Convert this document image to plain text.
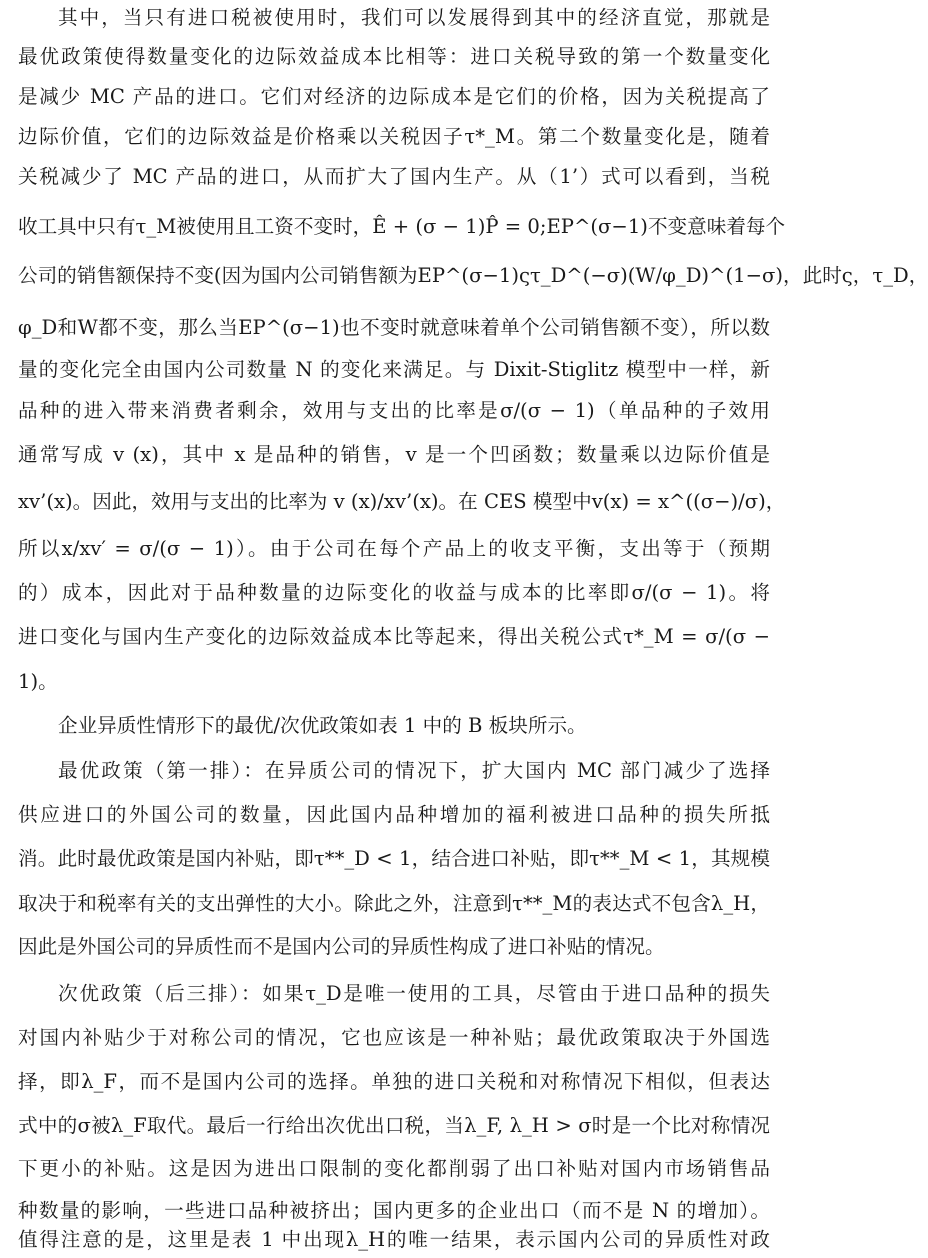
其中，当只有进口税被使用时，我们可以发展得到其中的经济直觉，那就是
最优政策使得数量变化的边际效益成本比相等：进口关税导致的第一个数量变化
是减少 MC 产品的进口。它们对经济的边际成本是它们的价格，因为关税提高了
边际价值，它们的边际效益是价格乘以关税因子τ*_M。第二个数量变化是，随着
关税减少了 MC 产品的进口，从而扩大了国内生产。从（1’）式可以看到，当税
收工具中只有τ_M被使用且工资不变时，Ê + (σ − 1)P̂ = 0;EP^(σ−1)不变意味着每个
公司的销售额保持不变(因为国内公司销售额为EP^(σ−1)ςτ_D^(−σ)(W/φ_D)^(1−σ)，此时ς，τ_D，
φ_D和W都不变，那么当EP^(σ−1)也不变时就意味着单个公司销售额不变），所以数
量的变化完全由国内公司数量 N 的变化来满足。与 Dixit-Stiglitz 模型中一样，新
品种的进入带来消费者剩余，效用与支出的比率是σ/(σ − 1)（单品种的子效用
通常写成 v (x)，其中 x 是品种的销售，v 是一个凹函数；数量乘以边际价值是
xv’(x)。因此，效用与支出的比率为 v (x)/xv’(x)。在 CES 模型中v(x) = x^((σ−)/σ)，
所以x/xv′ = σ/(σ − 1)）。由于公司在每个产品上的收支平衡，支出等于（预期
的）成本，因此对于品种数量的边际变化的收益与成本的比率即σ/(σ − 1)。将
进口变化与国内生产变化的边际效益成本比等起来，得出关税公式τ*_M = σ/(σ −
1)。
企业异质性情形下的最优/次优政策如表 1 中的 B 板块所示。
最优政策（第一排）：在异质公司的情况下，扩大国内 MC 部门减少了选择
供应进口的外国公司的数量，因此国内品种增加的福利被进口品种的损失所抵
消。此时最优政策是国内补贴，即τ**_D < 1，结合进口补贴，即τ**_M < 1，其规模
取决于和税率有关的支出弹性的大小。除此之外，注意到τ**_M的表达式不包含λ_H，
因此是外国公司的异质性而不是国内公司的异质性构成了进口补贴的情况。
次优政策（后三排）：如果τ_D是唯一使用的工具，尽管由于进口品种的损失
对国内补贴少于对称公司的情况，它也应该是一种补贴；最优政策取决于外国选
择，即λ_F，而不是国内公司的选择。单独的进口关税和对称情况下相似，但表达
式中的σ被λ_F取代。最后一行给出次优出口税，当λ_F, λ_H > σ时是一个比对称情况
下更小的补贴。这是因为进出口限制的变化都削弱了出口补贴对国内市场销售品
种数量的影响，一些进口品种被挤出；国内更多的企业出口（而不是 N 的增加）。
值得注意的是，这里是表 1 中出现λ_H的唯一结果，表示国内公司的异质性对政
